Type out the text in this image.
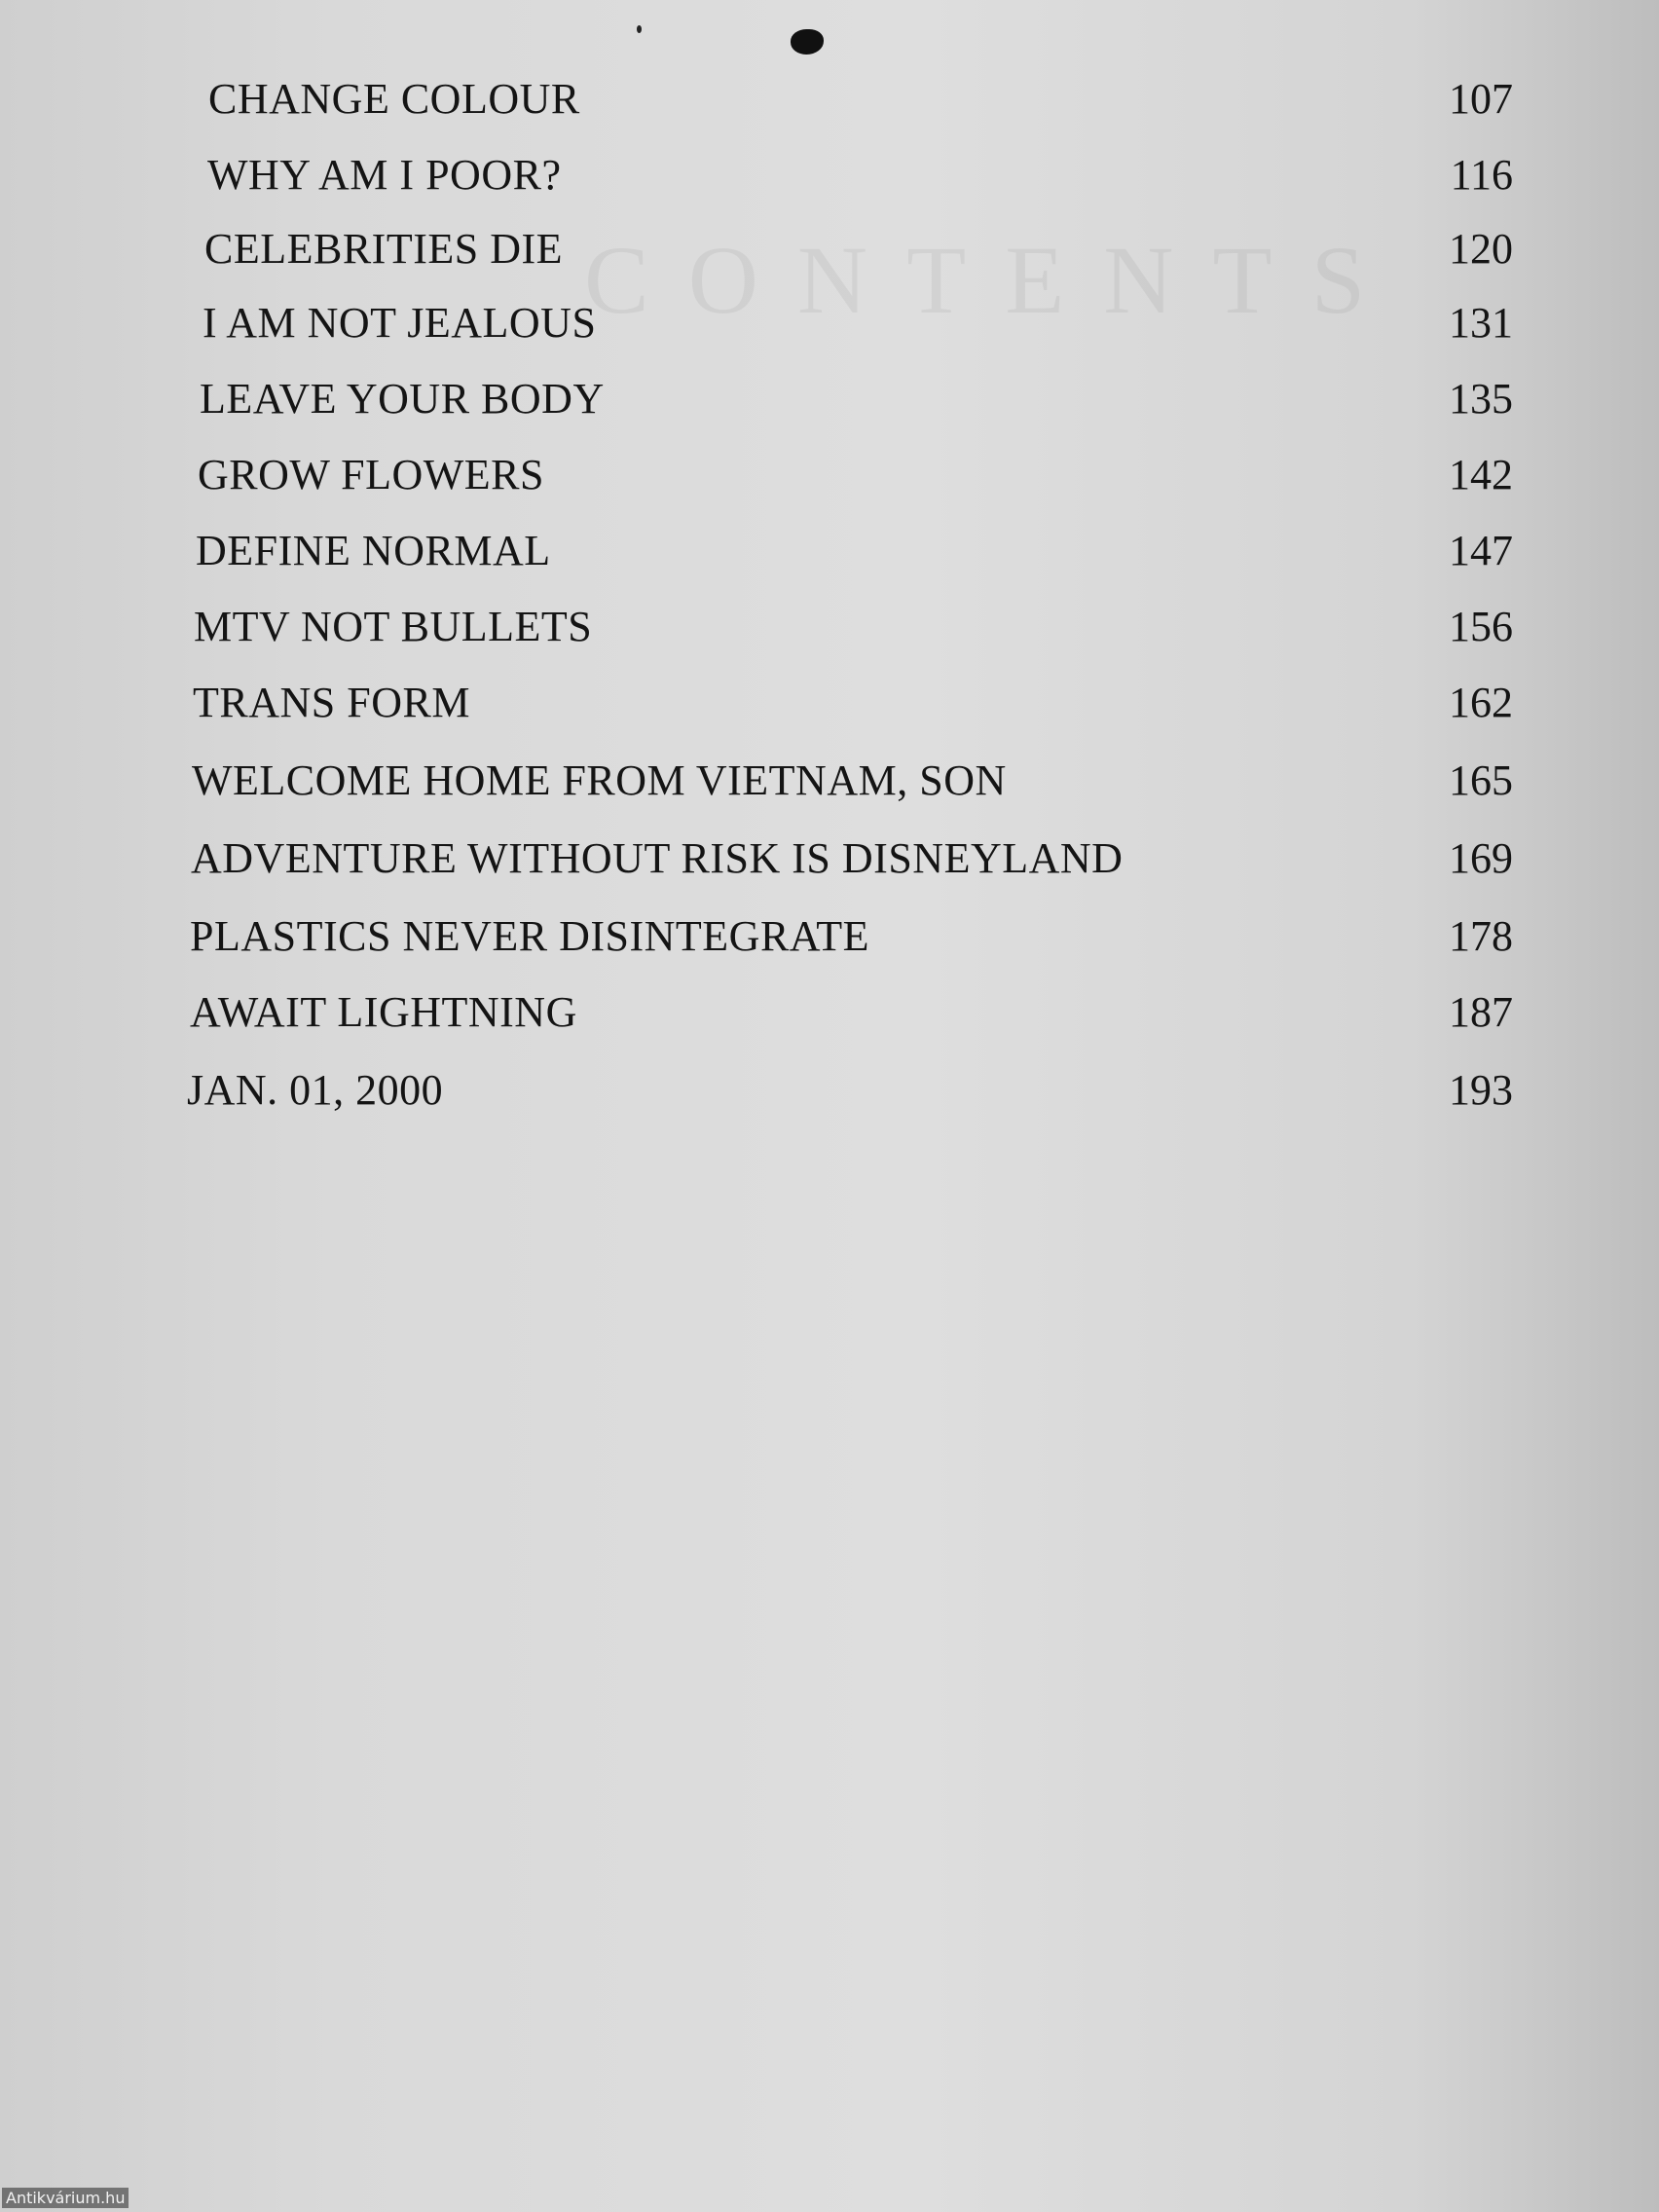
CONTENTS
CHANGE COLOUR	107
WHY AM I POOR?	116
CELEBRITIES DIE	120
I AM NOT JEALOUS	131
LEAVE YOUR BODY	135
GROW FLOWERS	142
DEFINE NORMAL	147
MTV NOT BULLETS	156
TRANS FORM	162
WELCOME HOME FROM VIETNAM, SON	165
ADVENTURE WITHOUT RISK IS DISNEYLAND	169
PLASTICS NEVER DISINTEGRATE	178
AWAIT LIGHTNING	187
JAN. 01, 2000	193
Antikvárium.hu
